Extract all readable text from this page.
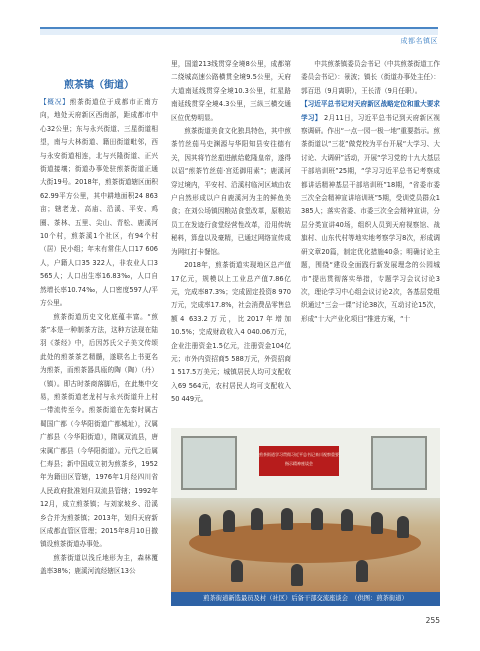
成都名镇区
煎茶镇（街道）

【概况】煎茶街道位于成都市正南方向，地处天府新区西南部，距成都市中心32公里；东与永兴街道、三星街道相望，南与大林街道、籍田街道毗邻，西与永安街道相连，北与兴隆街道、正兴街道接壤；街道办事处驻煎茶街道正通大街19号。2018年，煎茶街道辖区面积62.99平方公里，其中耕地面积24 863亩；辖老龙、高庙、沿溪、平安、鸡圈、茶林、五里、尖山、青松、鹿溪河10个村，煎茶溪1个社区，有94个村（居）民小组；年末有常住人口17 606人，户籍人口35 322人，非农业人口3 565人；人口出生率16.83‰，人口自然增长率10.74‰，人口密度597人/平方公里。

煎茶街道历史文化底蕴丰富。“煎茶”本是一种制茶方法，这种方法现在陆羽《茶经》中，后因苏氏父子美文传颂此处的煎茶茶艺精髓，遂联名上书更名为煎茶，而煎茶器具瓯的陶（陶）（丹）（镇）。即古时茶商落脚后，在此集中交易，煎茶街道老龙村与永兴街道升上村一带流传至今。煎茶街道在先秦时属古蜀国广都（今华阳街道广都城址），汉属广都县（今华阳街道），隋属双流县，唐宋属广都县（今华阳街道）。元代之后属仁寿县；新中国成立初为煎茶乡，1952年为籍田区管辖，1976年1月经四川省人民政府批准划归双流县管辖；1992年12月，成立煎茶镇；与刘家坡乡、沿溪乡合并为煎茶镇；2013年，划归天府新区成都直管区管理；2015年8月10日撤镇设煎茶街道办事处。

煎茶街道以浅丘地形为主，森林覆盖率38%；鹿溪河流经辖区13公

里，国道213线贯穿全境8公里，成都第二绕城高速公路横贯全境9.5公里，天府大道南延线贯穿全境10.3公里，红星路南延线贯穿全境4.3公里，三纵三横交通区位优势明显。

煎茶街道美食文化独具特色，其中煎茶竹丝茄马史渊源与华阳知县安往德有关，因其将竹丝茄进献给乾隆皇帝，遂得以诏“煎茶竹丝茄·宫廷御用素”；鹿溪河穿过境内，平安村、沿溪村临河区域由农户自然形成以户自鹿溪河为主的鲜鱼美食；在刘公场镇因粮站食堂改革，原粮站员工在发迹行食堂经营性改革，沿用传统秘料，算盘以及豪精，已通过网络宣传成为网红打卡餐馆。

2018年，煎茶街道实现地区总产值17亿元，规模以上工业总产值7.86亿元，完成率87.3%；完成固定投资8 970万元，完成率17.8%，社会消费品零售总额4 633.2万元，比2017年增加10.5%；完成财政收入4 040.06万元，企业注册资金1.5亿元，注册资金104亿元；市外内资招商5 588万元，外资招商1 517.5万美元；城镇居民人均可支配收入69 564元，农村居民人均可支配收入50 449元。

中共煎茶镇委员会书记（中共煎茶街道工作委员会书记）：景波；镇长（街道办事处主任）：郭百迅（9月离职），王长清（9月任职）。

【习近平总书记对天府新区战略定位和重大要求学习】 2月11日，习近平总书记到天府新区视察调研。作出“一点一园一极一地”重要指示。煎茶街道以“三花”做党校为平台开展“大学习、大讨论、大调研”活动，开展“学习党的十九大基层干部培训班”25期，“学习习近平总书记考察成都讲话精神基层干部培训班”18期，“省委市委三次全会精神宣讲培训班”5期，受训党员群众1 385人；落实省委、市委三次全会精神宣讲，分层分类宣讲40场，组织人员到天府视察馆、战旗村、山东代村等地实地考察学习8次，形成调研文章20篇，制定优化措施40条；明确讨论主题，围绕“建设全面践行新发展理念的公园城市”提出贯彻落实举措，专题学习会议讨论3次，理论学习中心组会议讨论2次，各基层党组织通过“三会一课”讨论38次，互动讨论15次，形成“十大产业化项目”推进方案，“十

煎茶街道学习贯彻习近平总书记来川视察重要指示精神座谈会
煎茶街道新选最员及村（社区）后备干部交流座谈会　（供图：煎茶街道）
255
